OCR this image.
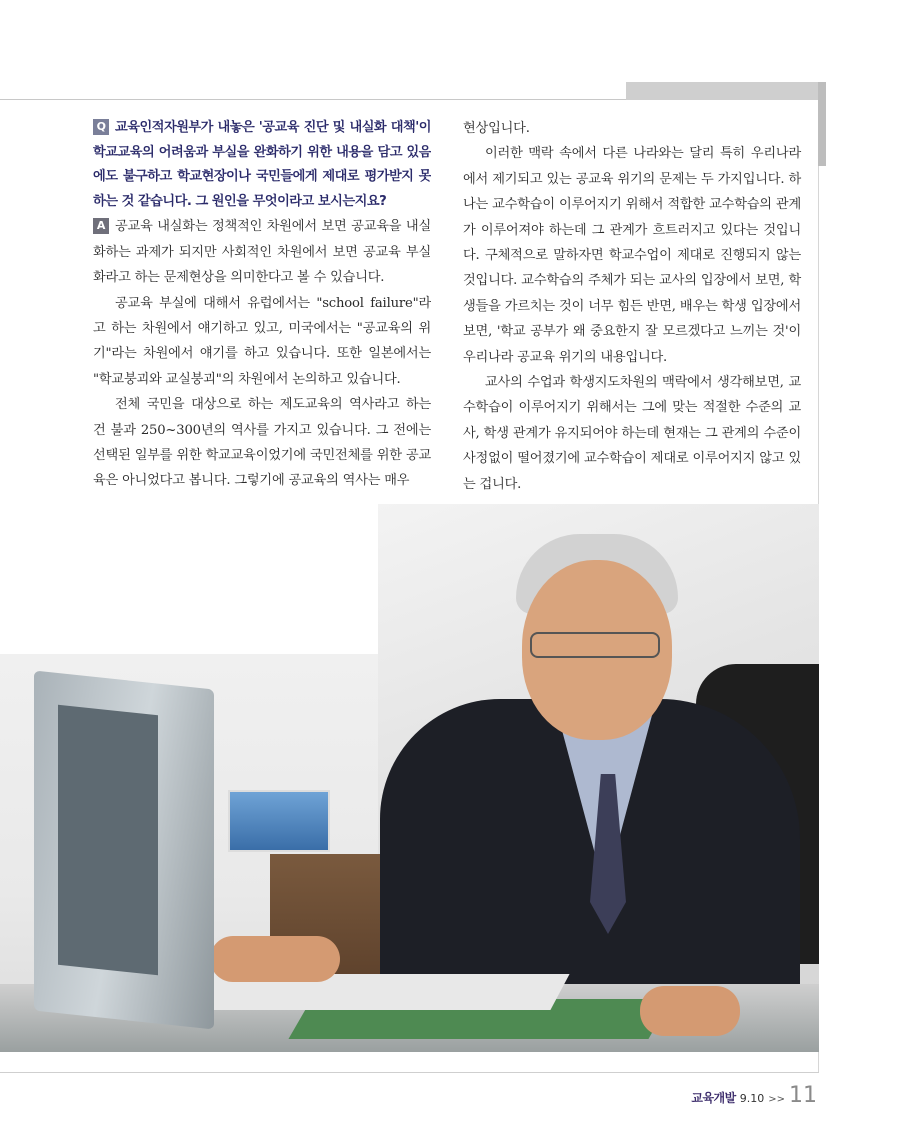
Q 교육인적자원부가 내놓은 '공교육 진단 및 내실화 대책'이 학교교육의 어려움과 부실을 완화하기 위한 내용을 담고 있음에도 불구하고 학교현장이나 국민들에게 제대로 평가받지 못하는 것 같습니다. 그 원인을 무엇이라고 보시는지요?

A 공교육 내실화는 정책적인 차원에서 보면 공교육을 내실화하는 과제가 되지만 사회적인 차원에서 보면 공교육 부실화라고 하는 문제현상을 의미한다고 볼 수 있습니다.

공교육 부실에 대해서 유럽에서는 "school failure"라고 하는 차원에서 얘기하고 있고, 미국에서는 "공교육의 위기"라는 차원에서 얘기를 하고 있습니다. 또한 일본에서는 "학교붕괴와 교실붕괴"의 차원에서 논의하고 있습니다.

전체 국민을 대상으로 하는 제도교육의 역사라고 하는 건 불과 250~300년의 역사를 가지고 있습니다. 그 전에는 선택된 일부를 위한 학교교육이었기에 국민전체를 위한 공교육은 아니었다고 봅니다. 그렇기에 공교육의 역사는 매우

현상입니다.

이러한 맥락 속에서 다른 나라와는 달리 특히 우리나라에서 제기되고 있는 공교육 위기의 문제는 두 가지입니다. 하나는 교수학습이 이루어지기 위해서 적합한 교수학습의 관계가 이루어져야 하는데 그 관계가 흐트러지고 있다는 것입니다. 구체적으로 말하자면 학교수업이 제대로 진행되지 않는 것입니다. 교수학습의 주체가 되는 교사의 입장에서 보면, 학생들을 가르치는 것이 너무 힘든 반면, 배우는 학생 입장에서 보면, '학교 공부가 왜 중요한지 잘 모르겠다고 느끼는 것'이 우리나라 공교육 위기의 내용입니다.

교사의 수업과 학생지도차원의 맥락에서 생각해보면, 교수학습이 이루어지기 위해서는 그에 맞는 적절한 수준의 교사, 학생 관계가 유지되어야 하는데 현재는 그 관계의 수준이 사정없이 떨어졌기에 교수학습이 제대로 이루어지지 않고 있는 겁니다.

교육개발 9.10 >> 11
